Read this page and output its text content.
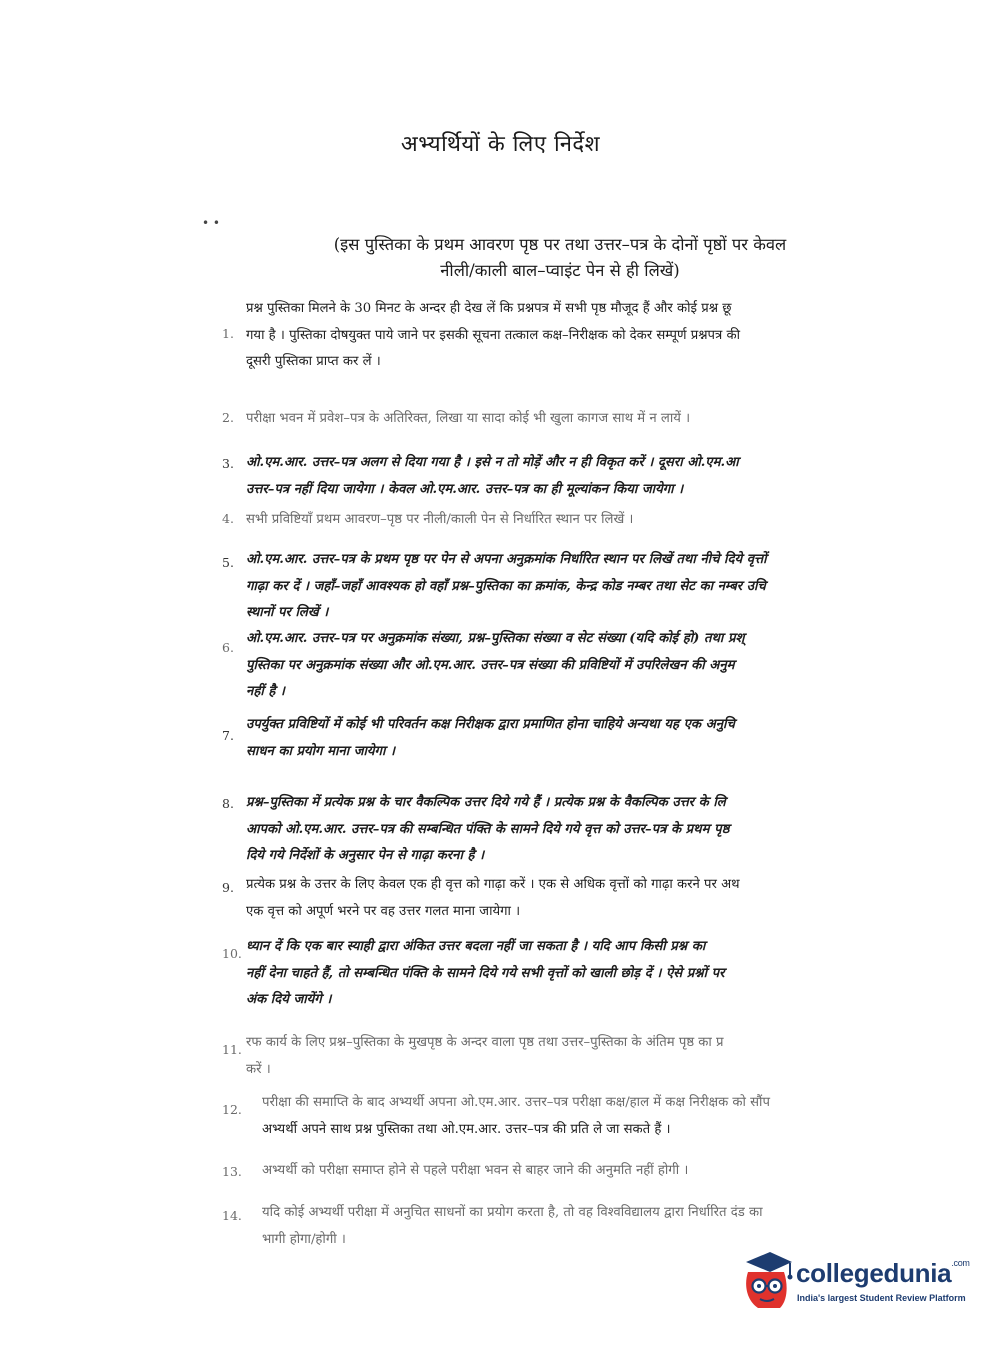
अभ्यर्थियों के लिए निर्देश
• •
(इस पुस्तिका के प्रथम आवरण पृष्ठ पर तथा उत्तर–पत्र के दोनों पृष्ठों पर केवल
नीली/काली बाल–प्वाइंट पेन से ही लिखें)
1.
प्रश्न पुस्तिका मिलने के 30 मिनट के अन्दर ही देख लें कि प्रश्नपत्र में सभी पृष्ठ मौजूद हैं और कोई प्रश्न छू
गया है । पुस्तिका दोषयुक्त पाये जाने पर इसकी सूचना तत्काल कक्ष–निरीक्षक को देकर सम्पूर्ण प्रश्नपत्र की
दूसरी पुस्तिका प्राप्त कर लें ।
2. परीक्षा भवन में प्रवेश–पत्र के अतिरिक्त, लिखा या सादा कोई भी खुला कागज साथ में न लायें ।
3. ओ.एम.आर. उत्तर–पत्र अलग से दिया गया है । इसे न तो मोड़ें और न ही विकृत करें । दूसरा ओ.एम.आ
उत्तर–पत्र नहीं दिया जायेगा । केवल ओ.एम.आर. उत्तर–पत्र का ही मूल्यांकन किया जायेगा ।
4. सभी प्रविष्टियाँ प्रथम आवरण–पृष्ठ पर नीली/काली पेन से निर्धारित स्थान पर लिखें ।
5. ओ.एम.आर. उत्तर–पत्र के प्रथम पृष्ठ पर पेन से अपना अनुक्रमांक निर्धारित स्थान पर लिखें तथा नीचे दिये वृत्तों
गाढ़ा कर दें । जहाँ–जहाँ आवश्यक हो वहाँ प्रश्न–पुस्तिका का क्रमांक, केन्द्र कोड नम्बर तथा सेट का नम्बर उचि
स्थानों पर लिखें ।
6.
ओ.एम.आर. उत्तर–पत्र पर अनुक्रमांक संख्या, प्रश्न–पुस्तिका संख्या व सेट संख्या (यदि कोई हो) तथा प्रश्
पुस्तिका पर अनुक्रमांक संख्या और ओ.एम.आर. उत्तर–पत्र संख्या की प्रविष्टियों में उपरिलेखन की अनुम
नहीं है ।
7.
उपर्युक्त प्रविष्टियों में कोई भी परिवर्तन कक्ष निरीक्षक द्वारा प्रमाणित होना चाहिये अन्यथा यह एक अनुचि
साधन का प्रयोग माना जायेगा ।
8. प्रश्न–पुस्तिका में प्रत्येक प्रश्न के चार वैकल्पिक उत्तर दिये गये हैं । प्रत्येक प्रश्न के वैकल्पिक उत्तर के लि
आपको ओ.एम.आर. उत्तर–पत्र की सम्बन्धित पंक्ति के सामने दिये गये वृत्त को उत्तर–पत्र के प्रथम पृष्ठ
दिये गये निर्देशों के अनुसार पेन से गाढ़ा करना है ।
9. प्रत्येक प्रश्न के उत्तर के लिए केवल एक ही वृत्त को गाढ़ा करें । एक से अधिक वृत्तों को गाढ़ा करने पर अथ
एक वृत्त को अपूर्ण भरने पर वह उत्तर गलत माना जायेगा ।
10. ध्यान दें कि एक बार स्याही द्वारा अंकित उत्तर बदला नहीं जा सकता है । यदि आप किसी प्रश्न का
नहीं देना चाहते हैं, तो सम्बन्धित पंक्ति के सामने दिये गये सभी वृत्तों को खाली छोड़ दें । ऐसे प्रश्नों पर
अंक दिये जायेंगे ।
11. रफ कार्य के लिए प्रश्न–पुस्तिका के मुखपृष्ठ के अन्दर वाला पृष्ठ तथा उत्तर–पुस्तिका के अंतिम पृष्ठ का प्र
करें ।
12.	परीक्षा की समाप्ति के बाद अभ्यर्थी अपना ओ.एम.आर. उत्तर–पत्र परीक्षा कक्ष/हाल में कक्ष निरीक्षक को सौंप
अभ्यर्थी अपने साथ प्रश्न पुस्तिका तथा ओ.एम.आर. उत्तर–पत्र की प्रति ले जा सकते हैं ।
13.	अभ्यर्थी को परीक्षा समाप्त होने से पहले परीक्षा भवन से बाहर जाने की अनुमति नहीं होगी ।
14.	यदि कोई अभ्यर्थी परीक्षा में अनुचित साधनों का प्रयोग करता है, तो वह विश्वविद्यालय द्वारा निर्धारित दंड का
भागी होगा/होगी ।
collegedunia$^{.com}$
India's largest Student Review Platform
